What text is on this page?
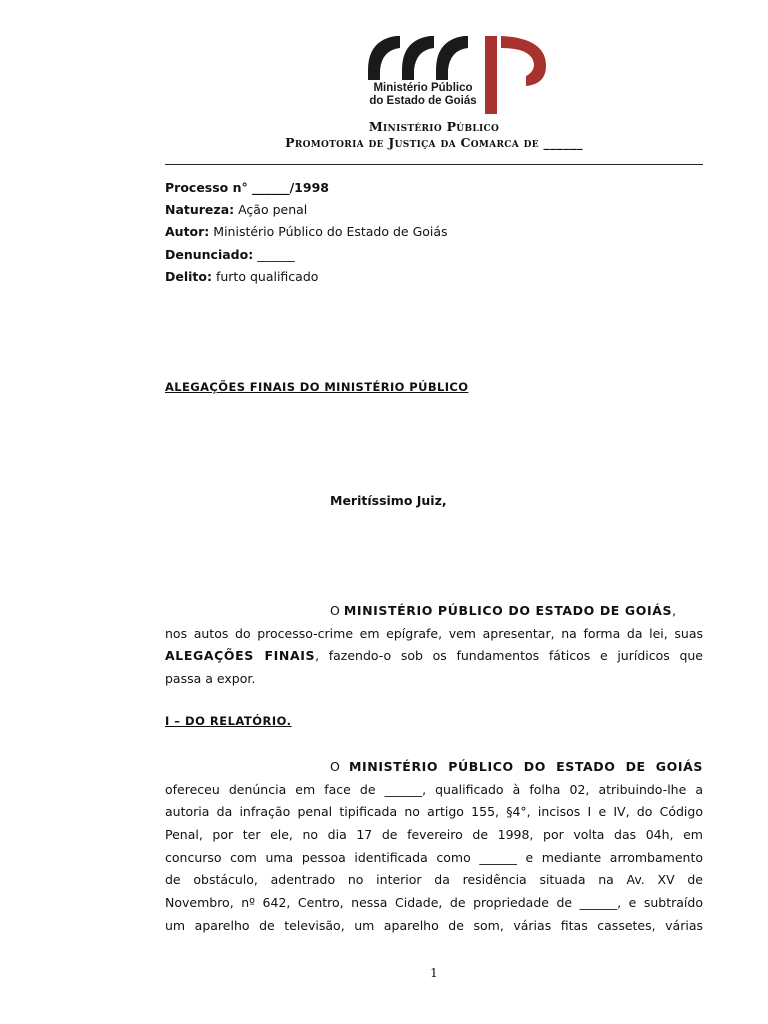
Ministério Público
do Estado de Goiás
Ministério Público
Promotoria de Justiça da Comarca de ______
Processo n° ______/1998
Natureza: Ação penal
Autor: Ministério Público do Estado de Goiás
Denunciado: ______
Delito: furto qualificado
ALEGAÇÕES FINAIS DO MINISTÉRIO PÚBLICO
Meritíssimo Juiz,
O MINISTÉRIO PÚBLICO DO ESTADO DE GOIÁS,
nos autos do processo-crime em epígrafe, vem apresentar, na forma da lei, suas
ALEGAÇÕES FINAIS, fazendo-o sob os fundamentos fáticos e jurídicos que
passa a expor.
I – DO RELATÓRIO.
O MINISTÉRIO PÚBLICO DO ESTADO DE GOIÁS
ofereceu denúncia em face de ______, qualificado à folha 02, atribuindo-lhe a
autoria da infração penal tipificada no artigo 155, §4°, incisos I e IV, do Código
Penal, por ter ele, no dia 17 de fevereiro de 1998, por volta das 04h, em
concurso com uma pessoa identificada como ______ e mediante arrombamento
de obstáculo, adentrado no interior da residência situada na Av. XV de
Novembro, nº 642, Centro, nessa Cidade, de propriedade de ______, e subtraído
um aparelho de televisão, um aparelho de som, várias fitas cassetes, várias
1
